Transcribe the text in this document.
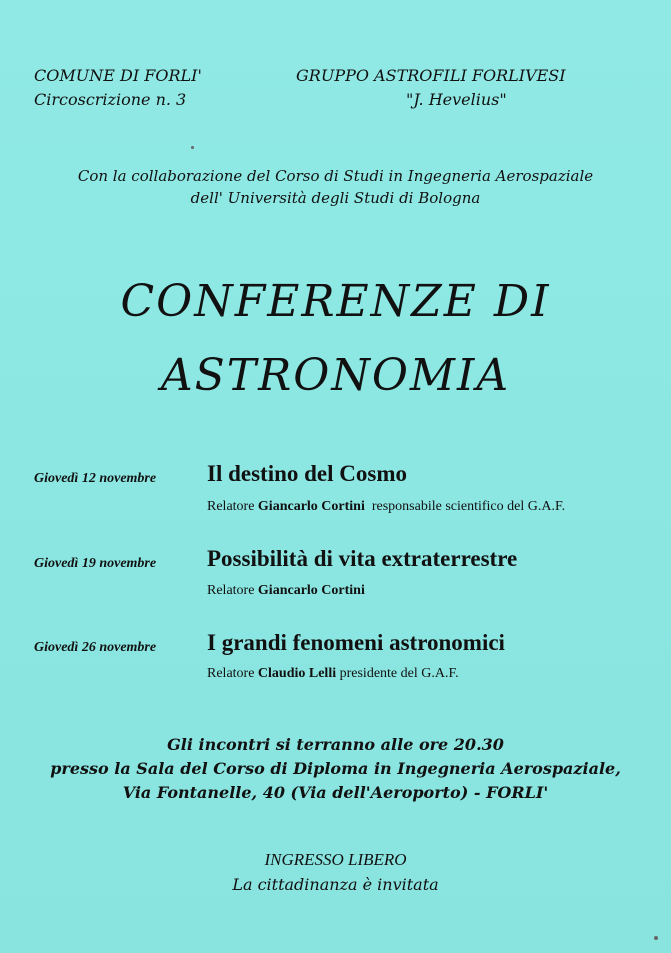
COMUNE DI FORLI'
Circoscrizione n. 3
GRUPPO ASTROFILI FORLIVESI
"J. Hevelius"
Con la collaborazione del Corso di Studi in Ingegneria Aerospaziale
dell' Università degli Studi di Bologna
CONFERENZE DI
ASTRONOMIA
Giovedì 12 novembre Il destino del Cosmo
Relatore Giancarlo Cortini  responsabile scientifico del G.A.F.
Giovedì 19 novembre Possibilità di vita extraterrestre
Relatore Giancarlo Cortini
Giovedì 26 novembre I grandi fenomeni astronomici
Relatore Claudio Lelli presidente del G.A.F.
Gli incontri si terranno alle ore 20.30
presso la Sala del Corso di Diploma in Ingegneria Aerospaziale,
Via Fontanelle, 40 (Via dell'Aeroporto) - FORLI'
INGRESSO LIBERO
La cittadinanza è invitata
